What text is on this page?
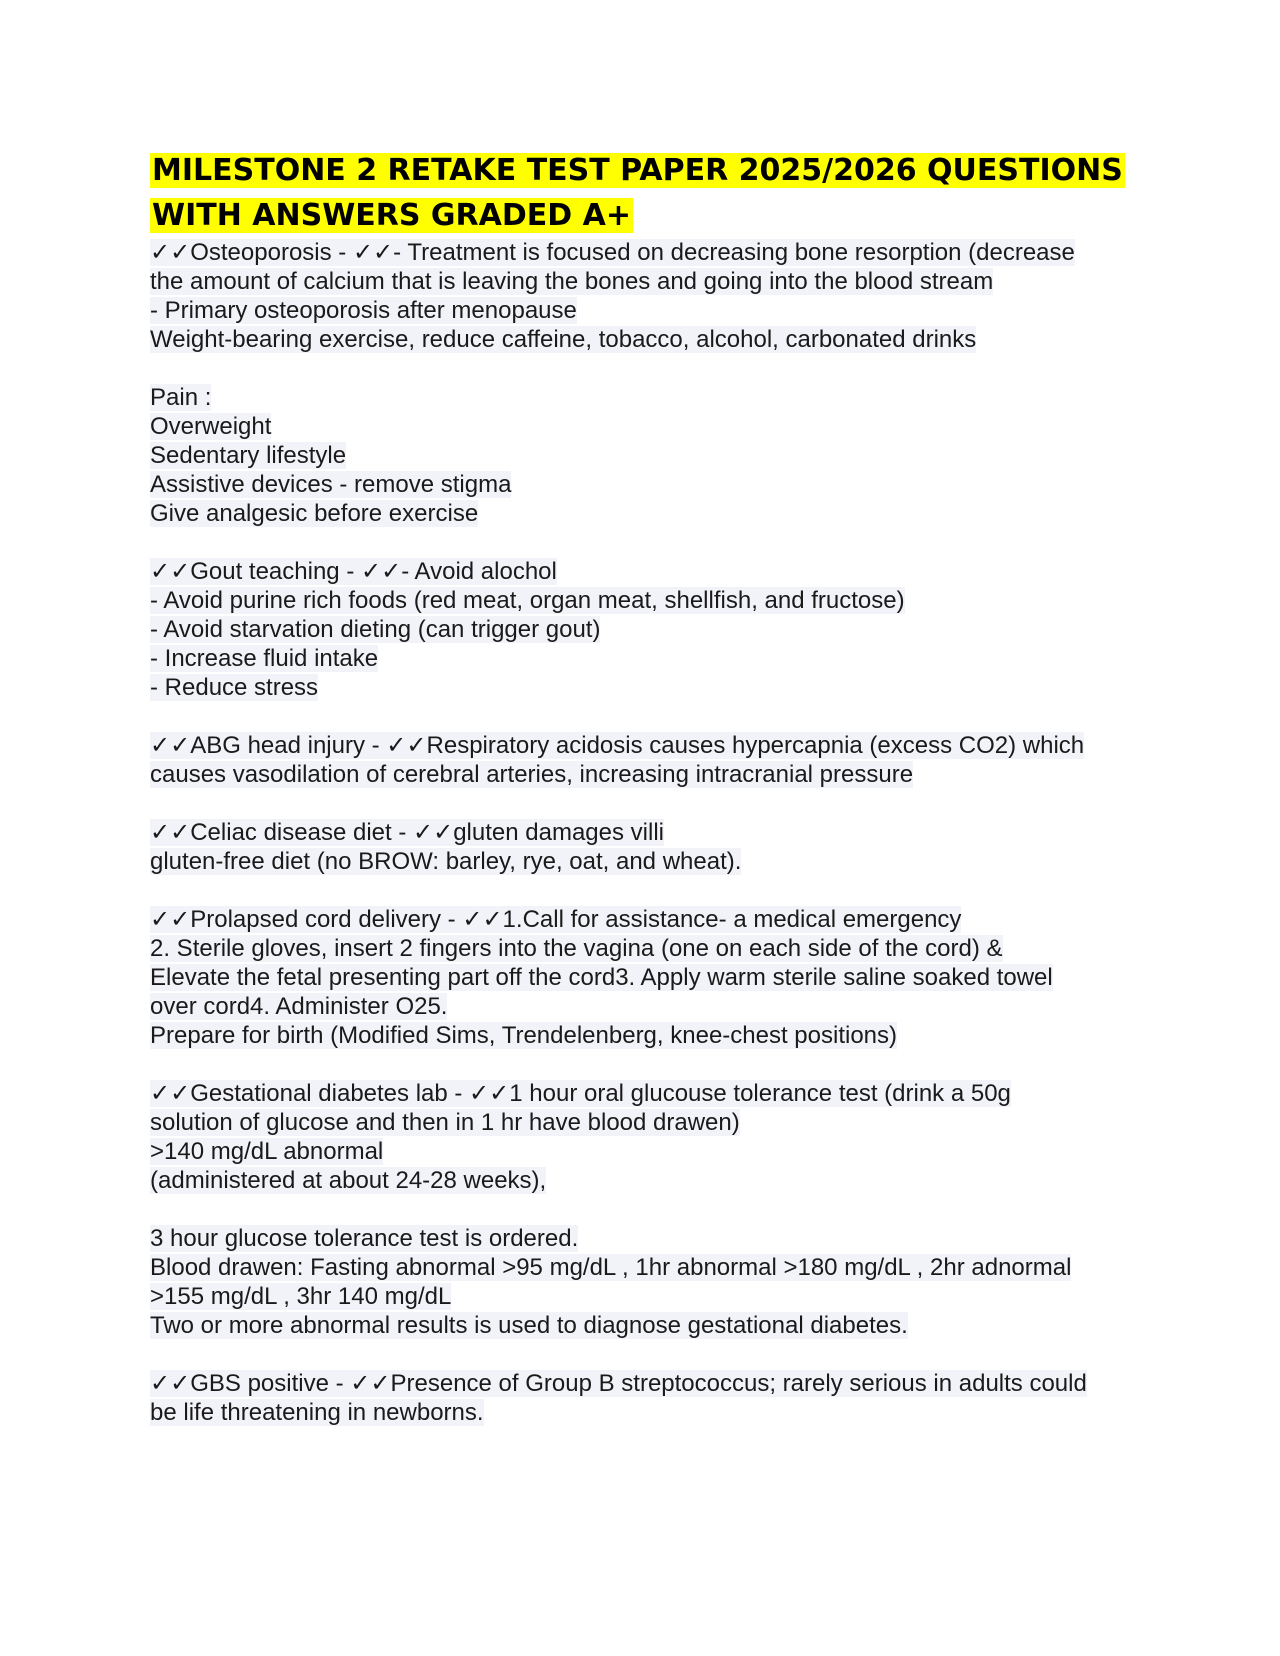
MILESTONE 2 RETAKE TEST PAPER 2025/2026 QUESTIONS
WITH ANSWERS GRADED A+
✓✓Osteoporosis - ✓✓- Treatment is focused on decreasing bone resorption (decrease
the amount of calcium that is leaving the bones and going into the blood stream
- Primary osteoporosis after menopause
Weight-bearing exercise, reduce caffeine, tobacco, alcohol, carbonated drinks
Pain :
Overweight
Sedentary lifestyle
Assistive devices - remove stigma
Give analgesic before exercise
✓✓Gout teaching - ✓✓- Avoid alochol
- Avoid purine rich foods (red meat, organ meat, shellfish, and fructose)
- Avoid starvation dieting (can trigger gout)
- Increase fluid intake
- Reduce stress
✓✓ABG head injury - ✓✓Respiratory acidosis causes hypercapnia (excess CO2) which
causes vasodilation of cerebral arteries, increasing intracranial pressure
✓✓Celiac disease diet - ✓✓gluten damages villi
gluten-free diet (no BROW: barley, rye, oat, and wheat).
✓✓Prolapsed cord delivery - ✓✓1.Call for assistance- a medical emergency
2. Sterile gloves, insert 2 fingers into the vagina (one on each side of the cord) &
Elevate the fetal presenting part off the cord3. Apply warm sterile saline soaked towel
over cord4. Administer O25.
Prepare for birth (Modified Sims, Trendelenberg, knee-chest positions)
✓✓Gestational diabetes lab - ✓✓1 hour oral glucouse tolerance test (drink a 50g
solution of glucose and then in 1 hr have blood drawen)
>140 mg/dL abnormal
(administered at about 24-28 weeks),
3 hour glucose tolerance test is ordered.
Blood drawen: Fasting abnormal >95 mg/dL , 1hr abnormal >180 mg/dL , 2hr adnormal
>155 mg/dL , 3hr 140 mg/dL
Two or more abnormal results is used to diagnose gestational diabetes.
✓✓GBS positive - ✓✓Presence of Group B streptococcus; rarely serious in adults could
be life threatening in newborns.
